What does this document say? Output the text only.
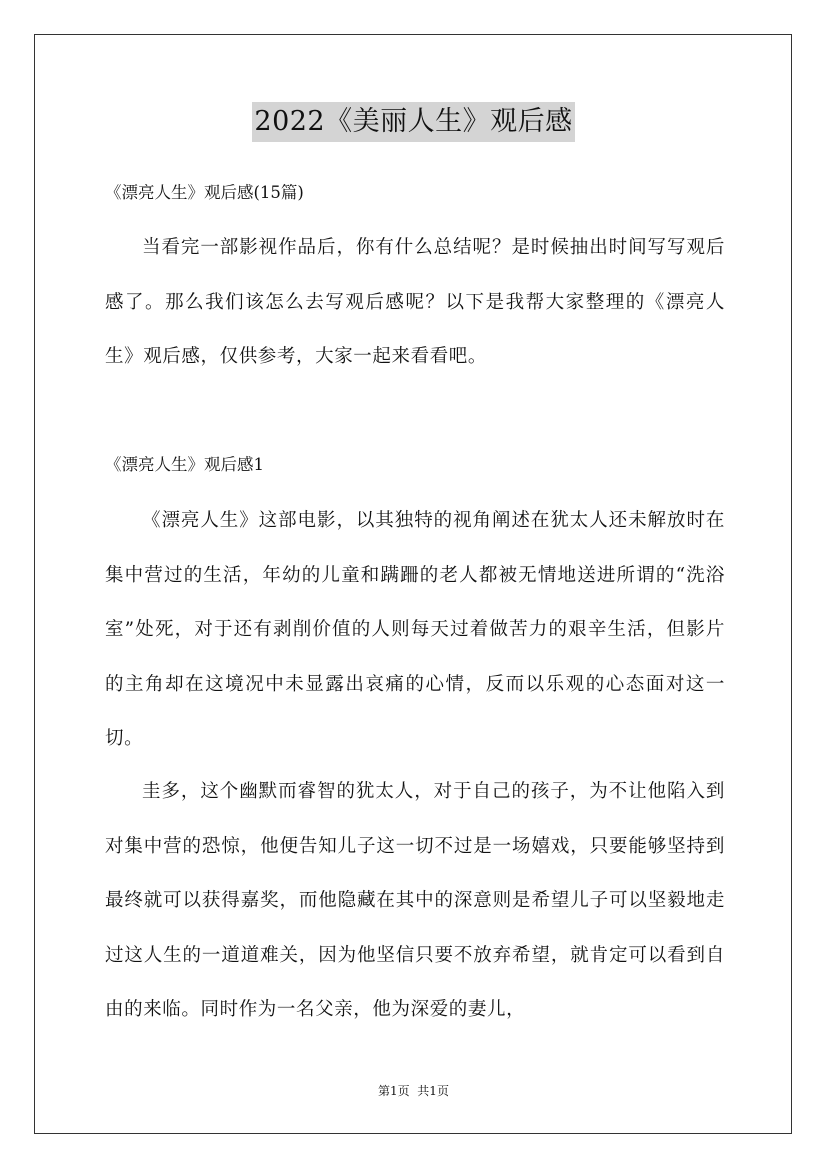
2022《美丽人生》观后感
《漂亮人生》观后感(15篇)
当看完一部影视作品后，你有什么总结呢？是时候抽出时间写写观后感了。那么我们该怎么去写观后感呢？以下是我帮大家整理的《漂亮人生》观后感，仅供参考，大家一起来看看吧。
《漂亮人生》观后感1
《漂亮人生》这部电影，以其独特的视角阐述在犹太人还未解放时在集中营过的生活，年幼的儿童和蹒跚的老人都被无情地送进所谓的“洗浴室”处死，对于还有剥削价值的人则每天过着做苦力的艰辛生活，但影片的主角却在这境况中未显露出哀痛的心情，反而以乐观的心态面对这一切。
圭多，这个幽默而睿智的犹太人，对于自己的孩子，为不让他陷入到对集中营的恐惊，他便告知儿子这一切不过是一场嬉戏，只要能够坚持到最终就可以获得嘉奖，而他隐藏在其中的深意则是希望儿子可以坚毅地走过这人生的一道道难关，因为他坚信只要不放弃希望，就肯定可以看到自由的来临。同时作为一名父亲，他为深爱的妻儿，
第1页  共1页
